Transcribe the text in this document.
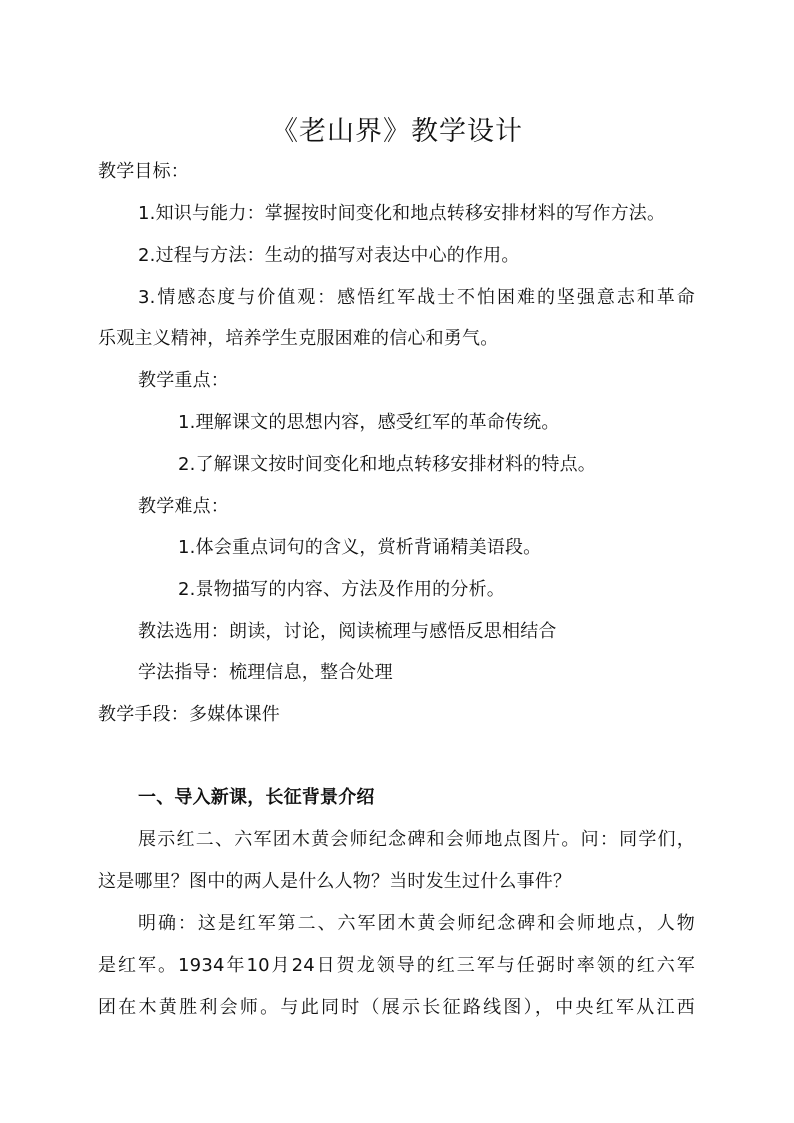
《老山界》教学设计
教学目标：
1.知识与能力：掌握按时间变化和地点转移安排材料的写作方法。
2.过程与方法：生动的描写对表达中心的作用。
3.情感态度与价值观：感悟红军战士不怕困难的坚强意志和革命
乐观主义精神，培养学生克服困难的信心和勇气。
教学重点：
1.理解课文的思想内容，感受红军的革命传统。
2.了解课文按时间变化和地点转移安排材料的特点。
教学难点：
1.体会重点词句的含义，赏析背诵精美语段。
2.景物描写的内容、方法及作用的分析。
教法选用：朗读，讨论，阅读梳理与感悟反思相结合
学法指导：梳理信息，整合处理
教学手段：多媒体课件
一、导入新课，长征背景介绍
展示红二、六军团木黄会师纪念碑和会师地点图片。问：同学们，
这是哪里？图中的两人是什么人物？当时发生过什么事件？
明确：这是红军第二、六军团木黄会师纪念碑和会师地点，人物
是红军。1934年10月24日贺龙领导的红三军与任弼时率领的红六军
团在木黄胜利会师。与此同时（展示长征路线图），中央红军从江西
